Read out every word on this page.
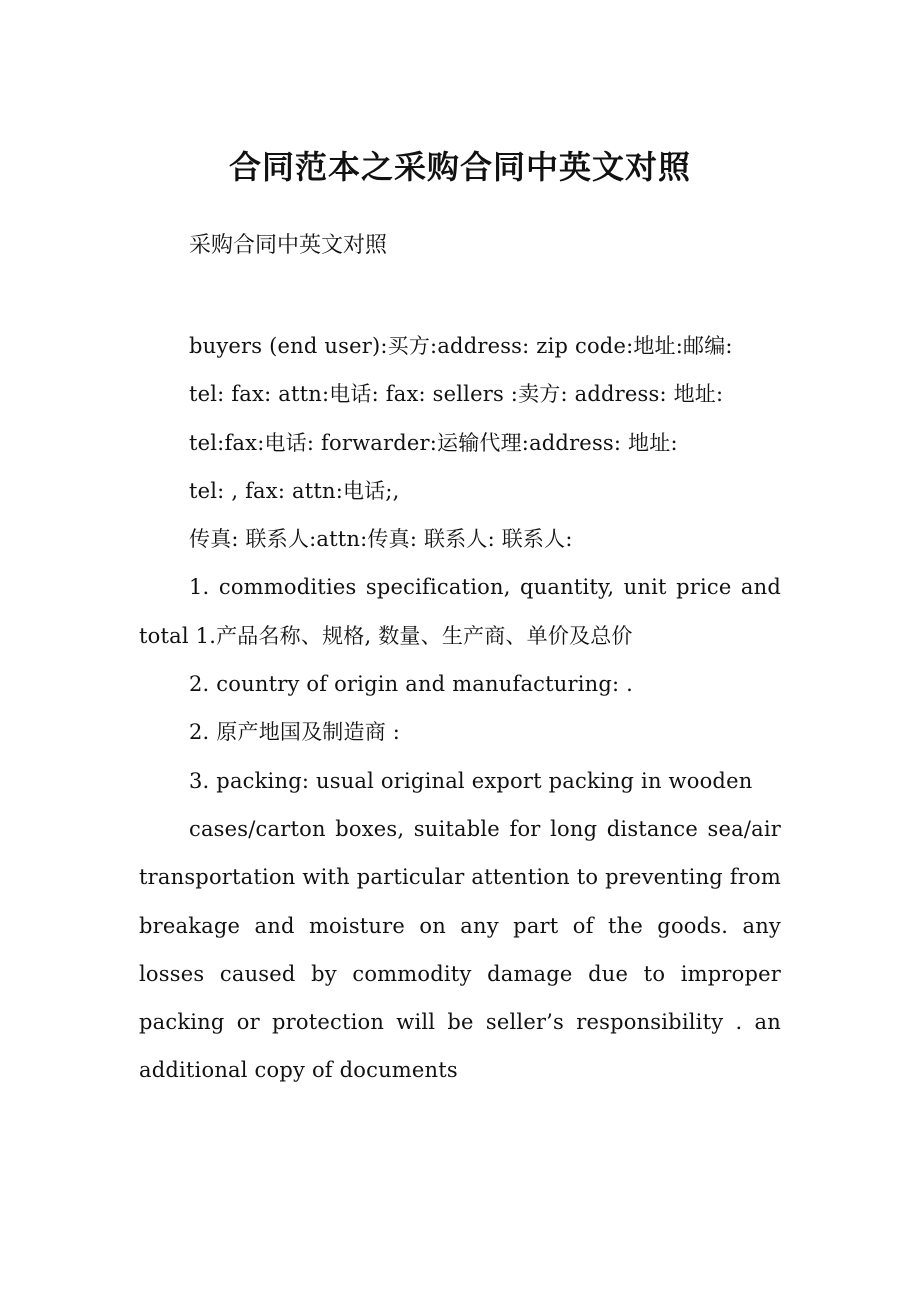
合同范本之采购合同中英文对照

采购合同中英文对照

buyers (end user):买方:address: zip code:地址:邮编:

tel: fax: attn:电话: fax: sellers :卖方: address: 地址:

tel:fax:电话: forwarder:运输代理:address: 地址:

tel: , fax: attn:电话;,

传真: 联系人:attn:传真: 联系人: 联系人:

1. commodities specification, quantity, unit price and total 1.产品名称、规格, 数量、生产商、单价及总价

2. country of origin and manufacturing: .

2. 原产地国及制造商 :

3. packing: usual original export packing in wooden

cases/carton boxes, suitable for long distance sea/air transportation with particular attention to preventing from breakage and moisture on any part of the goods. any losses caused by commodity damage due to improper packing or protection will be seller’s responsibility . an additional copy of documents
